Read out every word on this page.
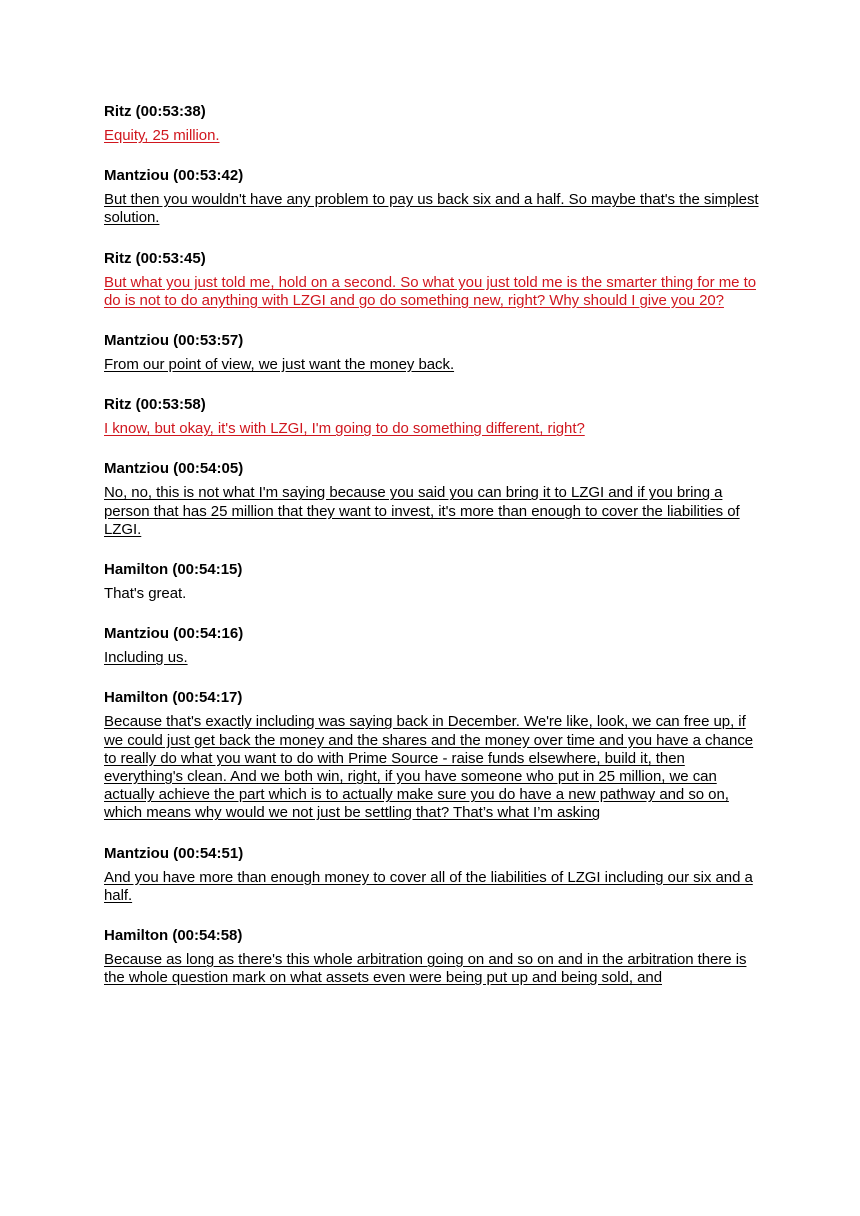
Ritz (00:53:38)
Equity, 25 million.
Mantziou (00:53:42)
But then you wouldn't have any problem to pay us back six and a half. So maybe that's the simplest solution.
Ritz (00:53:45)
But what you just told me, hold on a second. So what you just told me is the smarter thing for me to do is not to do anything with LZGI and go do something new, right? Why should I give you 20?
Mantziou (00:53:57)
From our point of view, we just want the money back.
Ritz (00:53:58)
I know, but okay, it's with LZGI, I'm going to do something different, right?
Mantziou (00:54:05)
No, no, this is not what I'm saying because you said you can bring it to LZGI and if you bring a person that has 25 million that they want to invest, it's more than enough to cover the liabilities of LZGI.
Hamilton (00:54:15)
That's great.
Mantziou (00:54:16)
Including us.
Hamilton (00:54:17)
Because that's exactly including was saying back in December. We're like, look, we can free up, if we could just get back the money and the shares and the money over time and you have a chance to really do what you want to do with Prime Source - raise funds elsewhere, build it, then everything's clean. And we both win, right, if you have someone who put in 25 million, we can actually achieve the part which is to actually make sure you do have a new pathway and so on, which means why would we not just be settling that? That’s what I’m asking
Mantziou (00:54:51)
And you have more than enough money to cover all of the liabilities of LZGI including our six and a half.
Hamilton (00:54:58)
Because as long as there's this whole arbitration going on and so on and in the arbitration there is the whole question mark on what assets even were being put up and being sold, and
